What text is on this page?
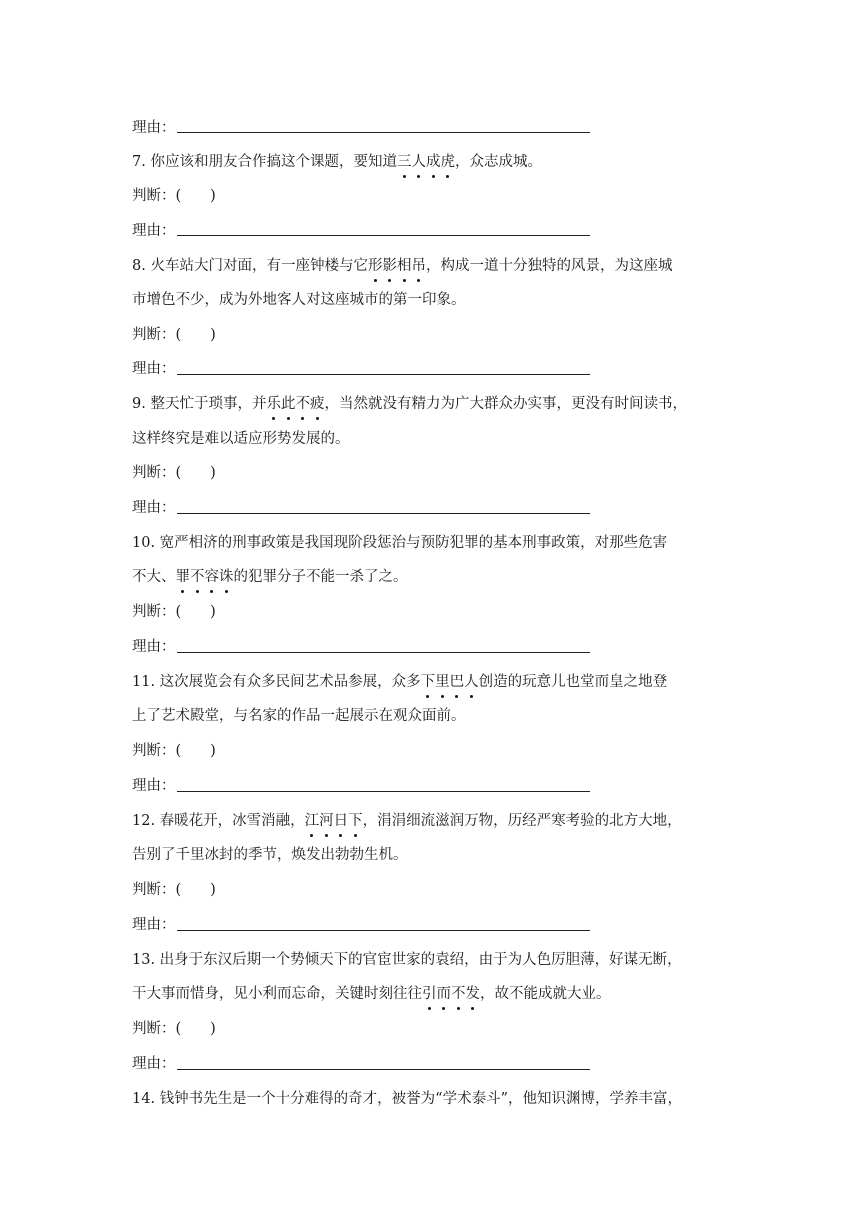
理由：
7. 你应该和朋友合作搞这个课题，要知道三人成虎，众志成城。
判断：(　　)
理由：
8. 火车站大门对面，有一座钟楼与它形影相吊，构成一道十分独特的风景，为这座城
市增色不少，成为外地客人对这座城市的第一印象。
判断：(　　)
理由：
9. 整天忙于琐事，并乐此不疲，当然就没有精力为广大群众办实事，更没有时间读书，
这样终究是难以适应形势发展的。
判断：(　　)
理由：
10. 宽严相济的刑事政策是我国现阶段惩治与预防犯罪的基本刑事政策，对那些危害
不大、罪不容诛的犯罪分子不能一杀了之。
判断：(　　)
理由：
11. 这次展览会有众多民间艺术品参展，众多下里巴人创造的玩意儿也堂而皇之地登
上了艺术殿堂，与名家的作品一起展示在观众面前。
判断：(　　)
理由：
12. 春暖花开，冰雪消融，江河日下，涓涓细流滋润万物，历经严寒考验的北方大地，
告别了千里冰封的季节，焕发出勃勃生机。
判断：(　　)
理由：
13. 出身于东汉后期一个势倾天下的官宦世家的袁绍，由于为人色厉胆薄，好谋无断，
干大事而惜身，见小利而忘命，关键时刻往往引而不发，故不能成就大业。
判断：(　　)
理由：
14. 钱钟书先生是一个十分难得的奇才，被誉为“学术泰斗”，他知识渊博，学养丰富，
